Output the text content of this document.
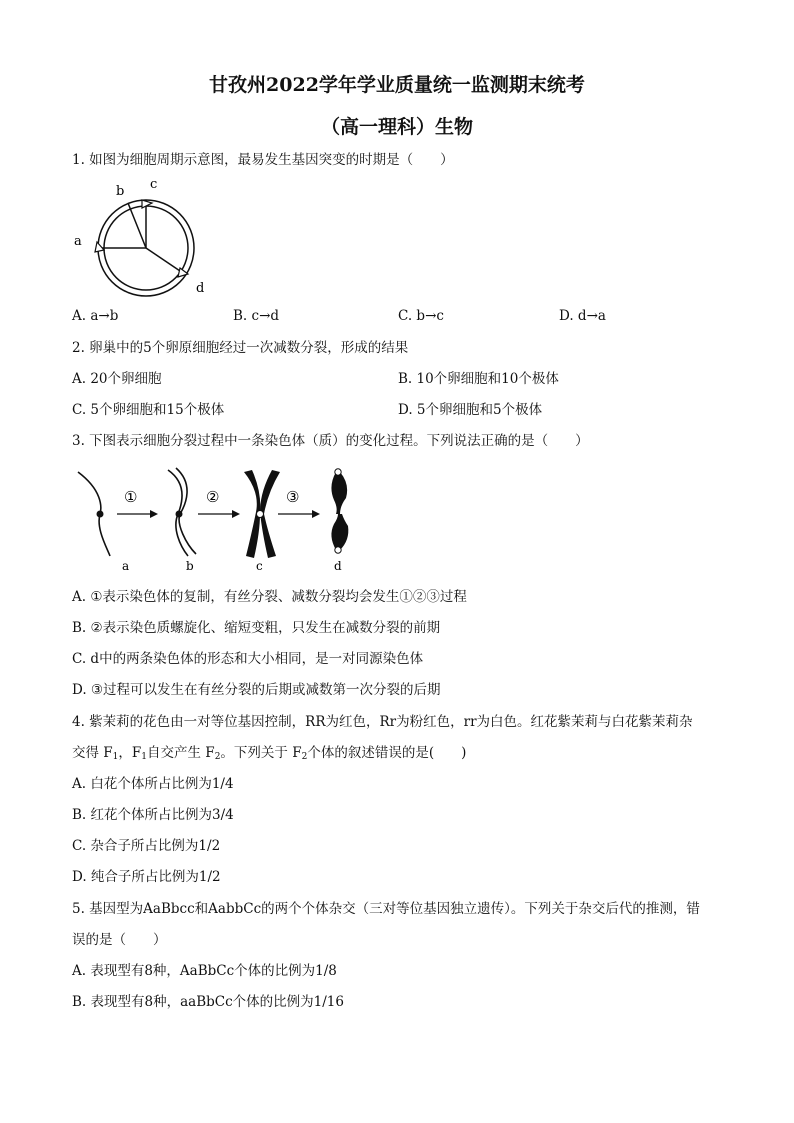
甘孜州2022学年学业质量统一监测期末统考
（高一理科）生物
1. 如图为细胞周期示意图，最易发生基因突变的时期是（　　）
b c
a
d
A. a→b	B. c→d	C. b→c	D. d→a
2. 卵巢中的5个卵原细胞经过一次减数分裂，形成的结果
A. 20个卵细胞	B. 10个卵细胞和10个极体
C. 5个卵细胞和15个极体	D. 5个卵细胞和5个极体
3. 下图表示细胞分裂过程中一条染色体（质）的变化过程。下列说法正确的是（　　）
①	②	③
a	b	c	d
A. ①表示染色体的复制，有丝分裂、减数分裂均会发生①②③过程
B. ②表示染色质螺旋化、缩短变粗，只发生在减数分裂的前期
C. d中的两条染色体的形态和大小相同，是一对同源染色体
D. ③过程可以发生在有丝分裂的后期或减数第一次分裂的后期
4. 紫茉莉的花色由一对等位基因控制，RR为红色，Rr为粉红色，rr为白色。红花紫茉莉与白花紫茉莉杂
交得 $F_1$，$F_1$自交产生 $F_2$。下列关于 $F_2$个体的叙述错误的是(　　)
A. 白花个体所占比例为1/4
B. 红花个体所占比例为3/4
C. 杂合子所占比例为1/2
D. 纯合子所占比例为1/2
5. 基因型为AaBbcc和AabbCc的两个个体杂交（三对等位基因独立遗传）。下列关于杂交后代的推测，错
误的是（　　）
A. 表现型有8种，AaBbCc个体的比例为1/8
B. 表现型有8种，aaBbCc个体的比例为1/16
